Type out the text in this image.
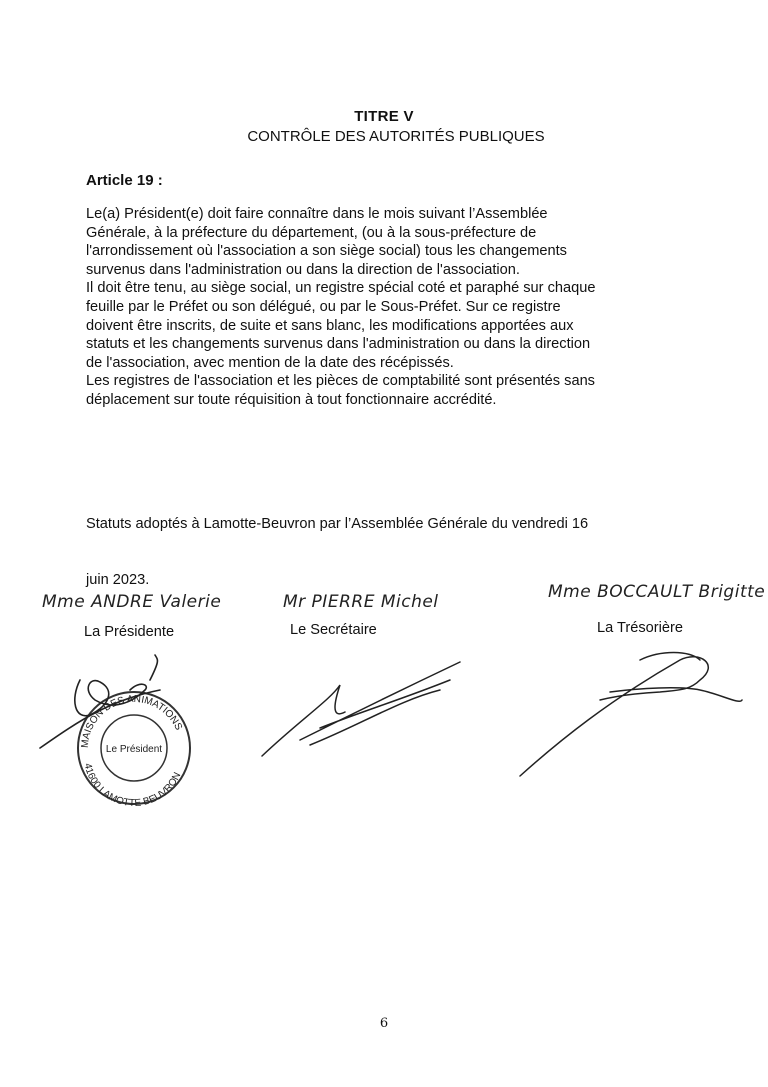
TITRE V
CONTRÔLE DES AUTORITÉS PUBLIQUES
Article 19 :

Le(a) Président(e) doit faire connaître dans le mois suivant l’Assemblée

Générale, à la préfecture du département, (ou à la sous-préfecture de

l'arrondissement où l'association a son siège social) tous les changements

survenus dans l'administration ou dans la direction de l'association.

Il doit être tenu, au siège social, un registre spécial coté et paraphé sur chaque

feuille par le Préfet ou son délégué, ou par le Sous-Préfet. Sur ce registre

doivent être inscrits, de suite et sans blanc, les modifications apportées aux

statuts et les changements survenus dans l'administration ou dans la direction

de l'association, avec mention de la date des récépissés.

Les registres de l'association et les pièces de comptabilité sont présentés sans

déplacement sur toute réquisition à tout fonctionnaire accrédité.

Statuts adoptés à Lamotte-Beuvron par l’Assemblée Générale du vendredi 16

juin 2023.

Mme ANDRE Valerie	Mr PIERRE Michel	Mme BOCCAULT Brigitte
La Présidente	Le Secrétaire	La Trésorière
MAISON DES ANIMATIONS
41600 LAMOTTE BEUVRON
Le Président
6
